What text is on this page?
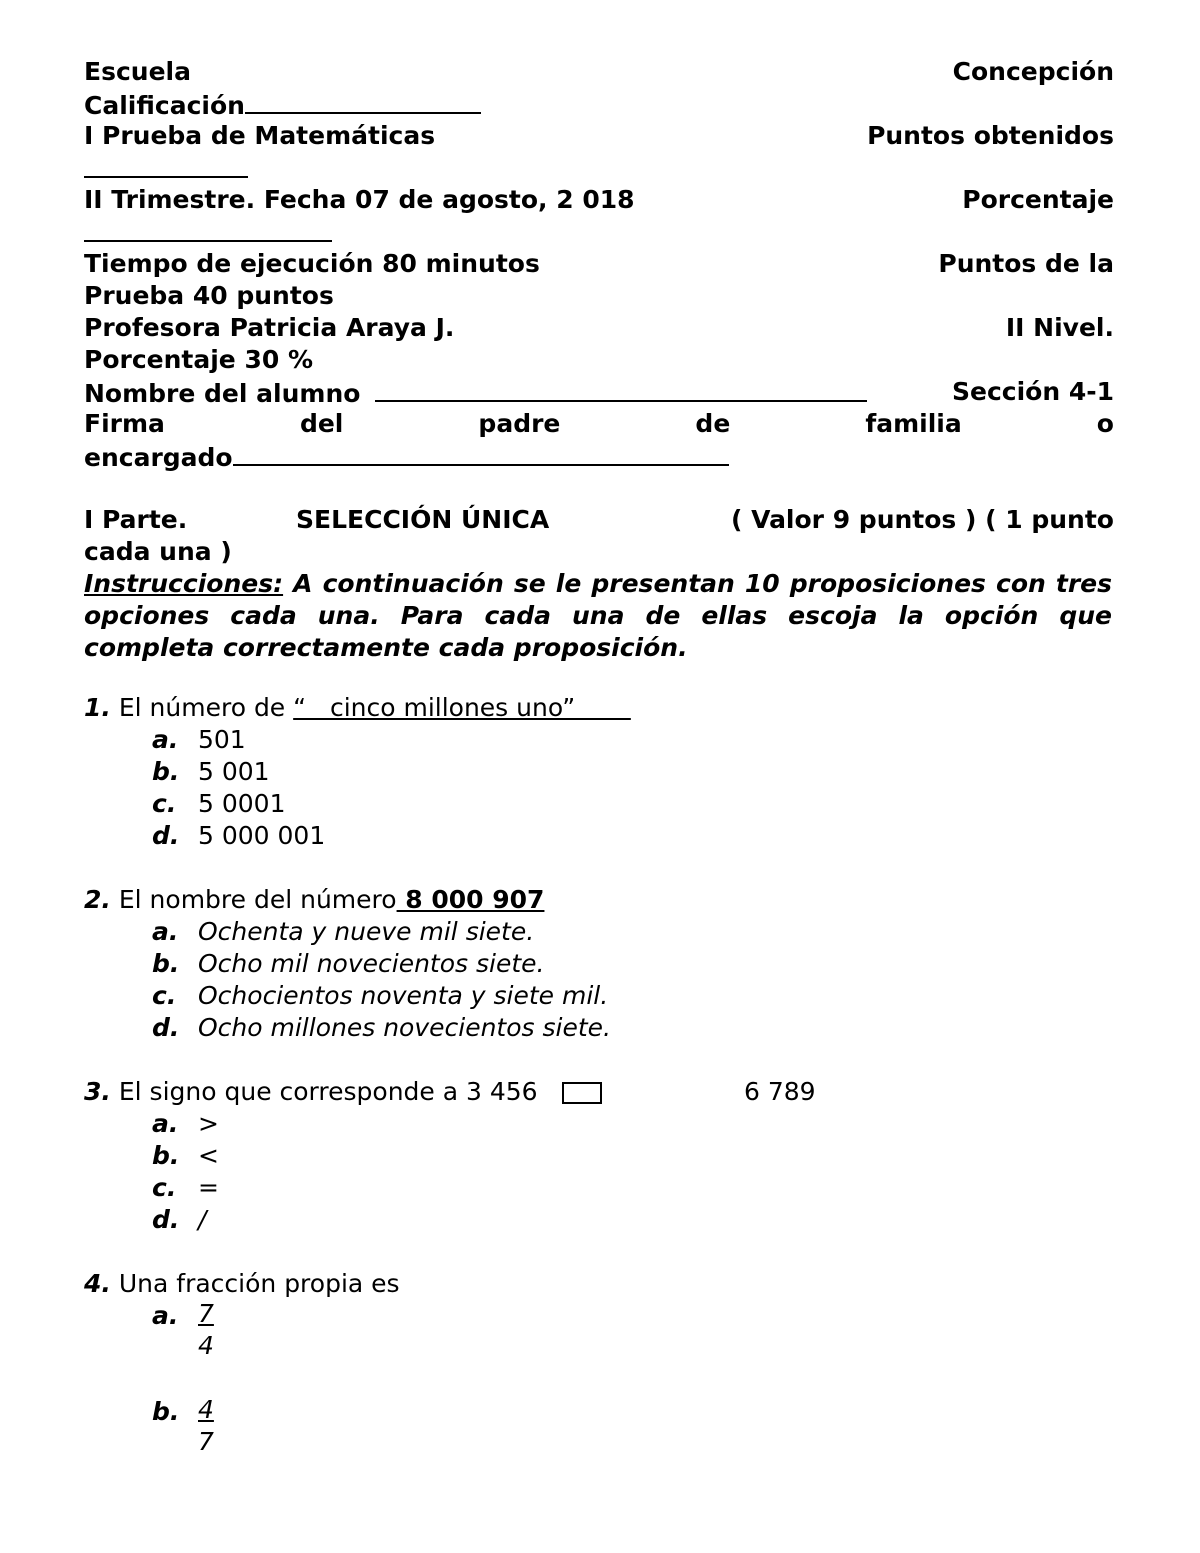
Escuela	Concepción
Calificación
I Prueba de Matemáticas	Puntos obtenidos
II Trimestre. Fecha 07 de agosto, 2 018	Porcentaje
Tiempo de ejecución 80 minutos	Puntos de la
Prueba 40 puntos
Profesora Patricia Araya J.	II Nivel.
Porcentaje 30 %
Nombre del alumno	Sección 4-1
Firma	del	padre	de	familia	o
encargado
I Parte.	SELECCIÓN ÚNICA	( Valor 9 puntos ) ( 1 punto
cada una )
Instrucciones: A continuación se le presentan 10 proposiciones con tres opciones cada una. Para cada una de ellas escoja la opción que completa correctamente cada proposición.
1. El número de “   cinco millones uno”
a. 501
b. 5 001
c. 5 0001
d. 5 000 001
2. El nombre del número 8 000 907
a. Ochenta y nueve mil siete.
b. Ocho mil novecientos siete.
c. Ochocientos noventa y siete mil.
d. Ocho millones novecientos siete.
3. El signo que corresponde a 3 456	6 789
a. >
b. <
c. =
d. /
4. Una fracción propia es
a. $\frac{7}{4}$
b. $\frac{4}{7}$
